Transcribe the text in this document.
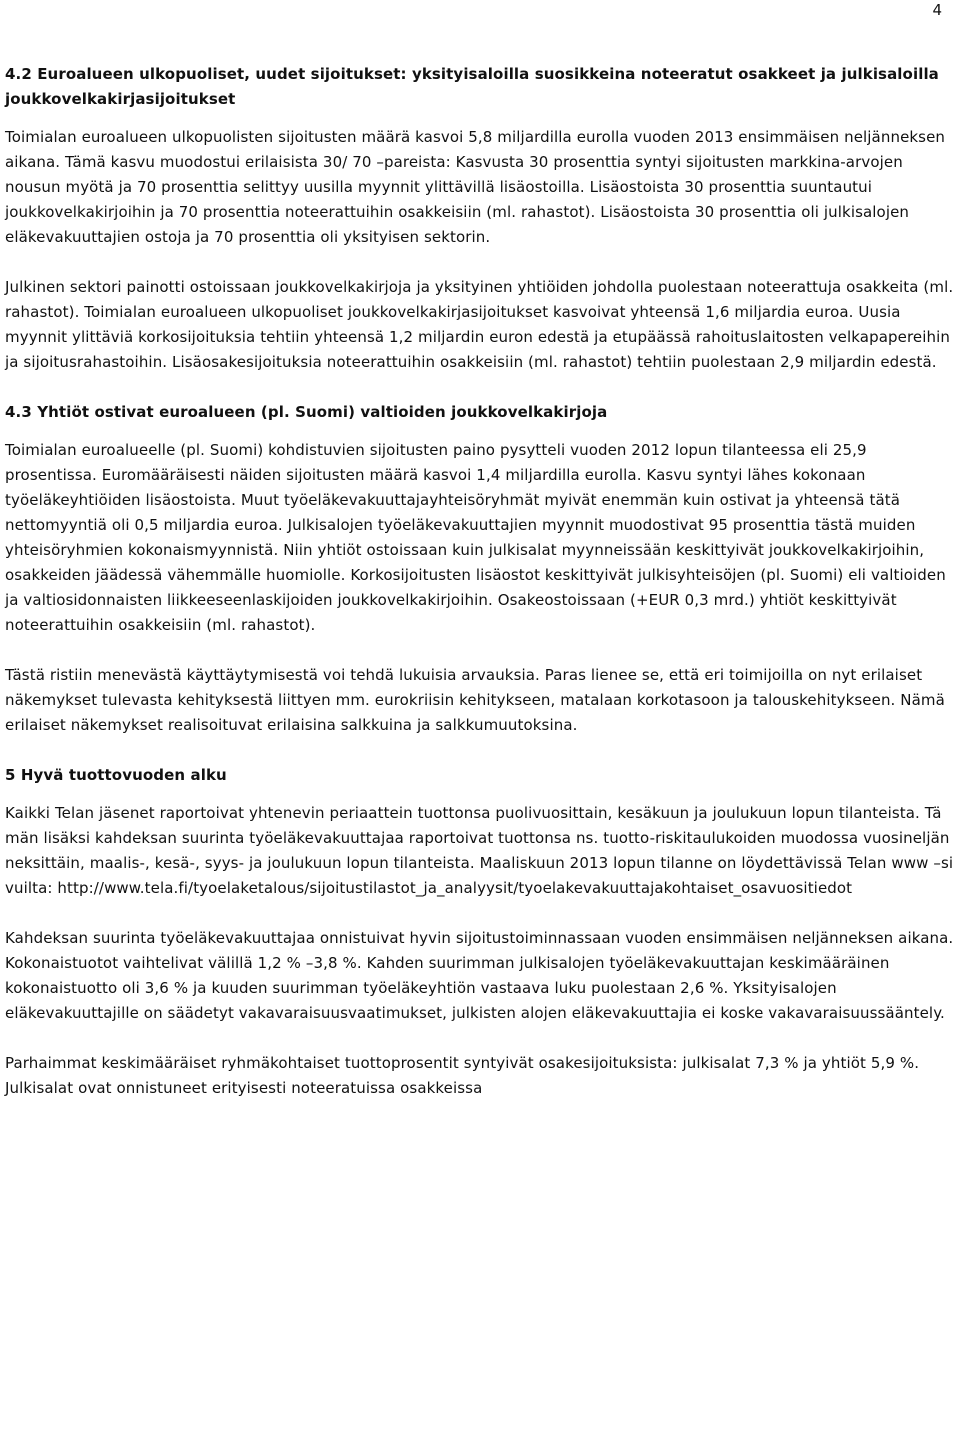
4
4.2 Euroalueen ulkopuoliset, uudet sijoitukset: yksityisaloilla suosikkeina noteeratut osakkeet ja julkisaloilla joukkovelkakirjasijoitukset

Toimialan euroalueen ulkopuolisten sijoitusten määrä kasvoi 5,8 miljardilla eurolla vuoden 2013 ensimmäisen neljänneksen aikana. Tämä kasvu muodostui erilaisista 30/ 70 –pareista: Kasvusta 30 prosenttia syntyi sijoitusten markkina-arvojen nousun myötä ja 70 prosenttia selittyy uusilla myynnit ylittävillä lisäostoilla. Lisäostoista 30 prosenttia suuntautui joukkovelkakirjoihin ja 70 prosenttia noteerattuihin osakkeisiin (ml. rahastot). Lisäostoista 30 prosenttia oli julkisalojen eläkevakuuttajien ostoja ja 70 prosenttia oli yksityisen sektorin.

Julkinen sektori painotti ostoissaan joukkovelkakirjoja ja yksityinen yhtiöiden johdolla puolestaan noteerattuja osakkeita (ml. rahastot). Toimialan euroalueen ulkopuoliset joukkovelkakirjasijoitukset kasvoivat yhteensä 1,6 miljardia euroa. Uusia myynnit ylittäviä korkosijoituksia tehtiin yhteensä 1,2 miljardin euron edestä ja etupäässä rahoituslaitosten velkapapereihin ja sijoitusrahastoihin. Lisäosakesijoituksia noteerattuihin osakkeisiin (ml. rahastot) tehtiin puolestaan 2,9 miljardin edestä.

4.3 Yhtiöt ostivat euroalueen (pl. Suomi) valtioiden joukkovelkakirjoja

Toimialan euroalueelle (pl. Suomi) kohdistuvien sijoitusten paino pysytteli vuoden 2012 lopun tilanteessa eli 25,9 prosentissa. Euromääräisesti näiden sijoitusten määrä kasvoi 1,4 miljardilla eurolla. Kasvu syntyi lähes kokonaan työeläkeyhtiöiden lisäostoista. Muut työeläkevakuuttajayhteisöryhmät myivät enemmän kuin ostivat ja yhteensä tätä nettomyyntiä oli 0,5 miljardia euroa. Julkisalojen työeläkevakuuttajien myynnit muodostivat 95 prosenttia tästä muiden yhteisöryhmien kokonaismyynnistä. Niin yhtiöt ostoissaan kuin julkisalat myynneissään keskittyivät joukkovelkakirjoihin, osakkeiden jäädessä vähemmälle huomiolle. Korkosijoitusten lisäostot keskittyivät julkisyhteisöjen (pl. Suomi) eli valtioiden ja valtiosidonnaisten liikkeeseenlaskijoiden joukkovelkakirjoihin. Osakeostoissaan (+EUR 0,3 mrd.) yhtiöt keskittyivät noteerattuihin osakkeisiin (ml. rahastot).

Tästä ristiin menevästä käyttäytymisestä voi tehdä lukuisia arvauksia. Paras lienee se, että eri toimijoilla on nyt erilaiset näkemykset tulevasta kehityksestä liittyen mm. eurokriisin kehitykseen, matalaan korkotasoon ja talouskehitykseen. Nämä erilaiset näkemykset realisoituvat erilaisina salkkuina ja salkkumuutoksina.

5 Hyvä tuottovuoden alku

Kaikki Telan jäsenet raportoivat yhtenevin periaattein tuottonsa puolivuosittain, kesäkuun ja joulukuun lopun tilanteista. Tämän lisäksi kahdeksan suurinta työeläkevakuuttajaa raportoivat tuottonsa ns. tuotto-riskitaulukoiden muodossa vuosineljänneksittäin, maalis-, kesä-, syys- ja joulukuun lopun tilanteista. Maaliskuun 2013 lopun tilanne on löydettävissä Telan www –sivuilta: http://www.tela.fi/tyoelaketalous/sijoitustilastot_ja_analyysit/tyoelakevakuuttajakohtaiset_osavuositiedot

Kahdeksan suurinta työeläkevakuuttajaa onnistuivat hyvin sijoitustoiminnassaan vuoden ensimmäisen neljänneksen aikana. Kokonaistuotot vaihtelivat välillä 1,2 % –3,8 %. Kahden suurimman julkisalojen työeläkevakuuttajan keskimääräinen kokonaistuotto oli 3,6 % ja kuuden suurimman työeläkeyhtiön vastaava luku puolestaan 2,6 %. Yksityisalojen eläkevakuuttajille on säädetyt vakavaraisuusvaatimukset, julkisten alojen eläkevakuuttajia ei koske vakavaraisuussääntely.

Parhaimmat keskimääräiset ryhmäkohtaiset tuottoprosentit syntyivät osakesijoituksista: julkisalat 7,3 % ja yhtiöt 5,9 %. Julkisalat ovat onnistuneet erityisesti noteeratuissa osakkeissa
